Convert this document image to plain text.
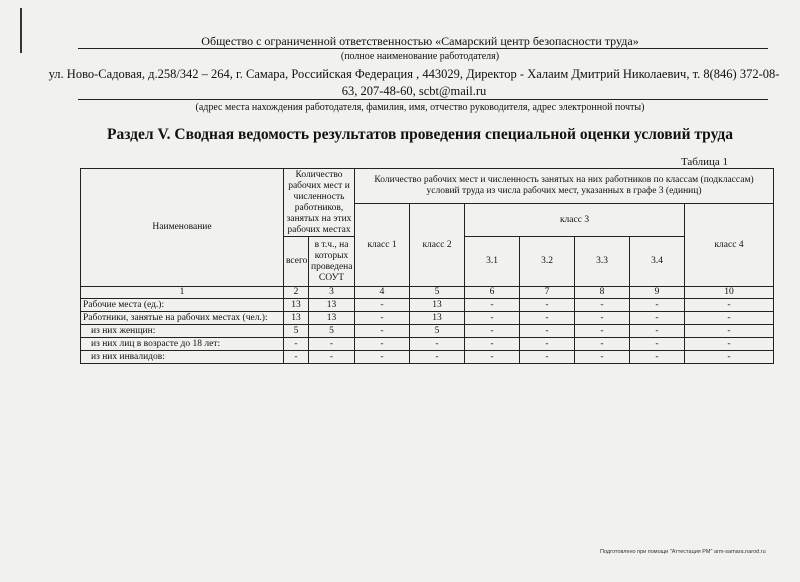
Общество с ограниченной ответственностью «Самарский центр безопасности труда»
(полное наименование работодателя)
ул. Ново-Садовая, д.258/342 – 264, г. Самара, Российская Федерация , 443029, Директор - Халаим Дмитрий Николаевич, т. 8(846) 372-08-63, 207-48-60, scbt@mail.ru
(адрес места нахождения работодателя, фамилия, имя, отчество руководителя, адрес электронной почты)
Раздел V. Сводная ведомость результатов проведения специальной оценки условий труда
Таблица 1
Наименование	Количество рабочих мест и численность работников, занятых на этих рабочих местах		Количество рабочих мест и численность занятых на них работников по классам (подклассам) условий труда из числа рабочих мест, указанных в графе 3 (единиц)						
			класс 1	класс 2	класс 3				класс 4
	всего	в т.ч., на которых проведена СОУТ			3.1	3.2	3.3	3.4	
1	2	3	4	5	6	7	8	9	10
Рабочие места (ед.):	13	13	-	13	-	-	-	-	-
Работники, занятые на рабочих местах (чел.):	13	13	-	13	-	-	-	-	-
из них женщин:	5	5	-	5	-	-	-	-	-
из них лиц в возрасте до 18 лет:	-	-	-	-	-	-	-	-	-
из них инвалидов:	-	-	-	-	-	-	-	-	-
Подготовлено при помощи "Аттестация РМ" arm-samara.narod.ru
